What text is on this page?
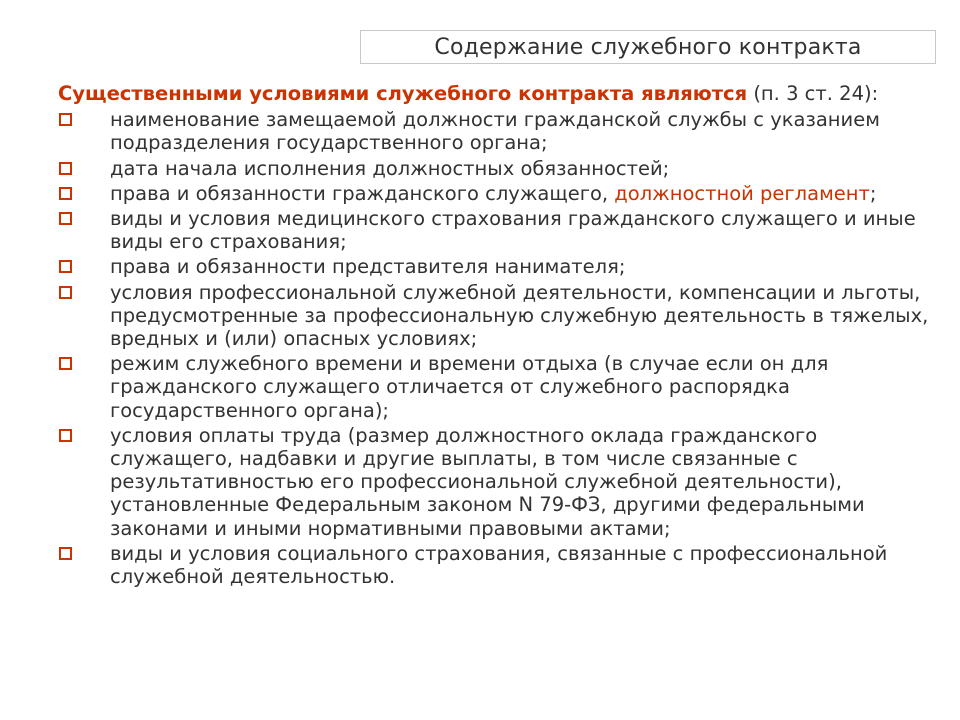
Содержание служебного контракта

Существенными условиями служебного контракта являются (п. 3 ст. 24):

наименование замещаемой должности гражданской службы с указанием подразделения государственного органа;
дата начала исполнения должностных обязанностей;
права и обязанности гражданского служащего, должностной регламент;
виды и условия медицинского страхования гражданского служащего и иные виды его страхования;
права и обязанности представителя нанимателя;
условия профессиональной служебной деятельности, компенсации и льготы, предусмотренные за профессиональную служебную деятельность в тяжелых, вредных и (или) опасных условиях;
режим служебного времени и времени отдыха (в случае если он для гражданского служащего отличается от служебного распорядка государственного органа);
условия оплаты труда (размер должностного оклада гражданского служащего, надбавки и другие выплаты, в том числе связанные с результативностью его профессиональной служебной деятельности), установленные Федеральным законом N 79-ФЗ, другими федеральными законами и иными нормативными правовыми актами;
виды и условия социального страхования, связанные с профессиональной служебной деятельностью.
